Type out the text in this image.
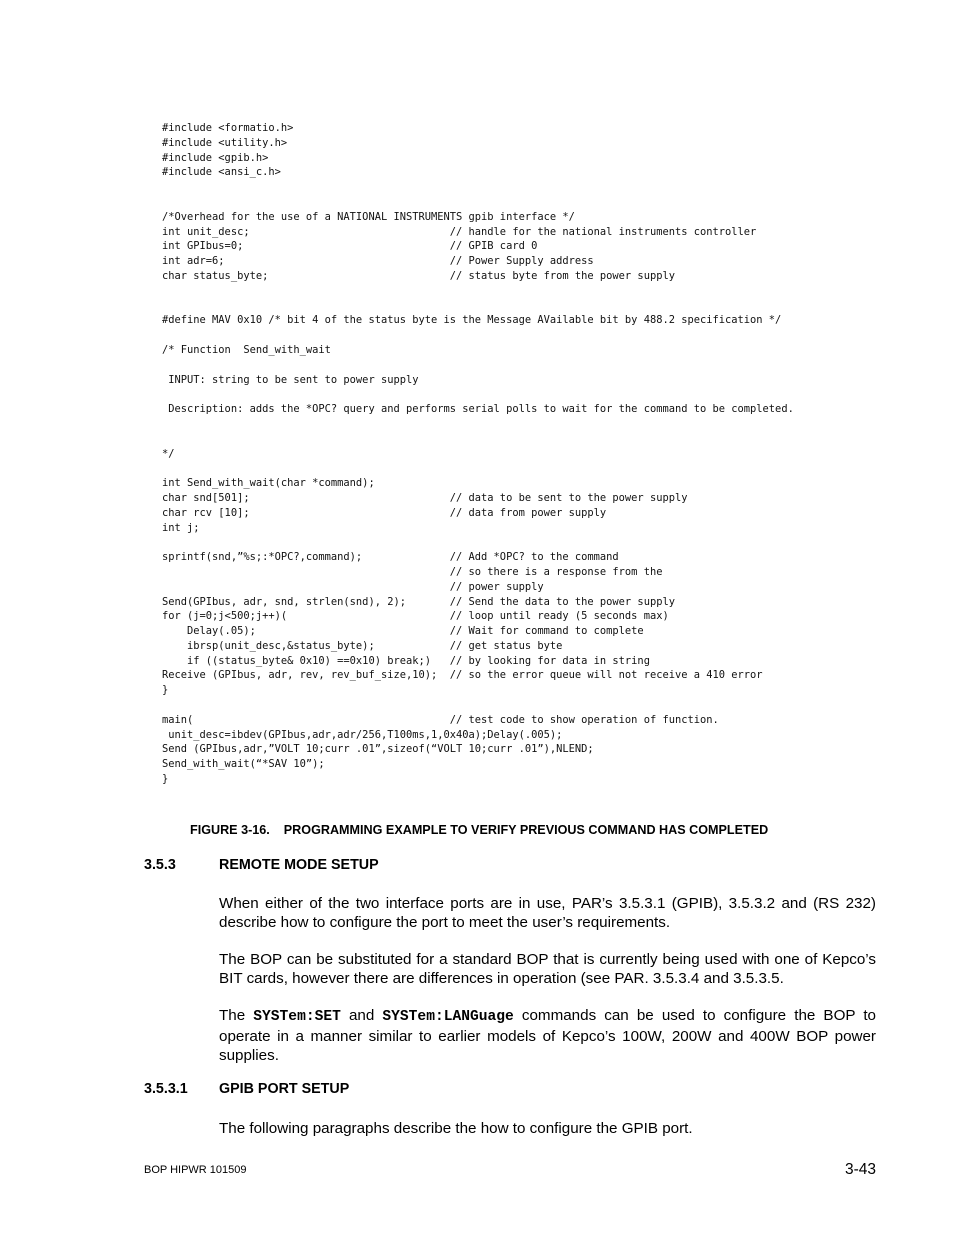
#include <formatio.h>
#include <utility.h>
#include <gpib.h>
#include <ansi_c.h>
/*Overhead for the use of a NATIONAL INSTRUMENTS gpib interface */
int unit_desc;                                // handle for the national instruments controller
int GPIbus=0;                                 // GPIB card 0
int adr=6;                                    // Power Supply address
char status_byte;                             // status byte from the power supply
#define MAV 0x10 /* bit 4 of the status byte is the Message AVailable bit by 488.2 specification */
/* Function  Send_with_wait
INPUT: string to be sent to power supply
Description: adds the *OPC? query and performs serial polls to wait for the command to be completed.
*/
int Send_with_wait(char *command);
char snd[501];                                // data to be sent to the power supply
char rcv [10];                                // data from power supply
int j;
sprintf(snd,”%s;:*OPC?,command);              // Add *OPC? to the command
// so there is a response from the
// power supply
Send(GPIbus, adr, snd, strlen(snd), 2);       // Send the data to the power supply
for (j=0;j<500;j++)(                          // loop until ready (5 seconds max)
Delay(.05);                               // Wait for command to complete
ibrsp(unit_desc,&status_byte);            // get status byte
if ((status_byte& 0x10) ==0x10) break;)   // by looking for data in string
Receive (GPIbus, adr, rev, rev_buf_size,10);  // so the error queue will not receive a 410 error
}
main(                                         // test code to show operation of function.
unit_desc=ibdev(GPIbus,adr,adr/256,T100ms,1,0x40a);Delay(.005);
Send (GPIbus,adr,”VOLT 10;curr .01”,sizeof(“VOLT 10;curr .01”),NLEND;
Send_with_wait(“*SAV 10”);
}
FIGURE 3-16.    PROGRAMMING EXAMPLE TO VERIFY PREVIOUS COMMAND HAS COMPLETED
3.5.3	REMOTE MODE SETUP
When either of the two interface ports are in use, PAR’s 3.5.3.1 (GPIB), 3.5.3.2 and (RS 232) describe how to configure the port to meet the user’s requirements.
The BOP can be substituted for a standard BOP that is currently being used with one of Kepco’s BIT cards, however there are differences in operation (see PAR. 3.5.3.4 and 3.5.3.5.
The SYSTem:SET and SYSTem:LANGuage commands can be used to configure the BOP to operate in a manner similar to earlier models of Kepco’s 100W, 200W and 400W BOP power supplies.
3.5.3.1 GPIB PORT SETUP
The following paragraphs describe the how to configure the GPIB port.
BOP HIPWR 101509	3-43
